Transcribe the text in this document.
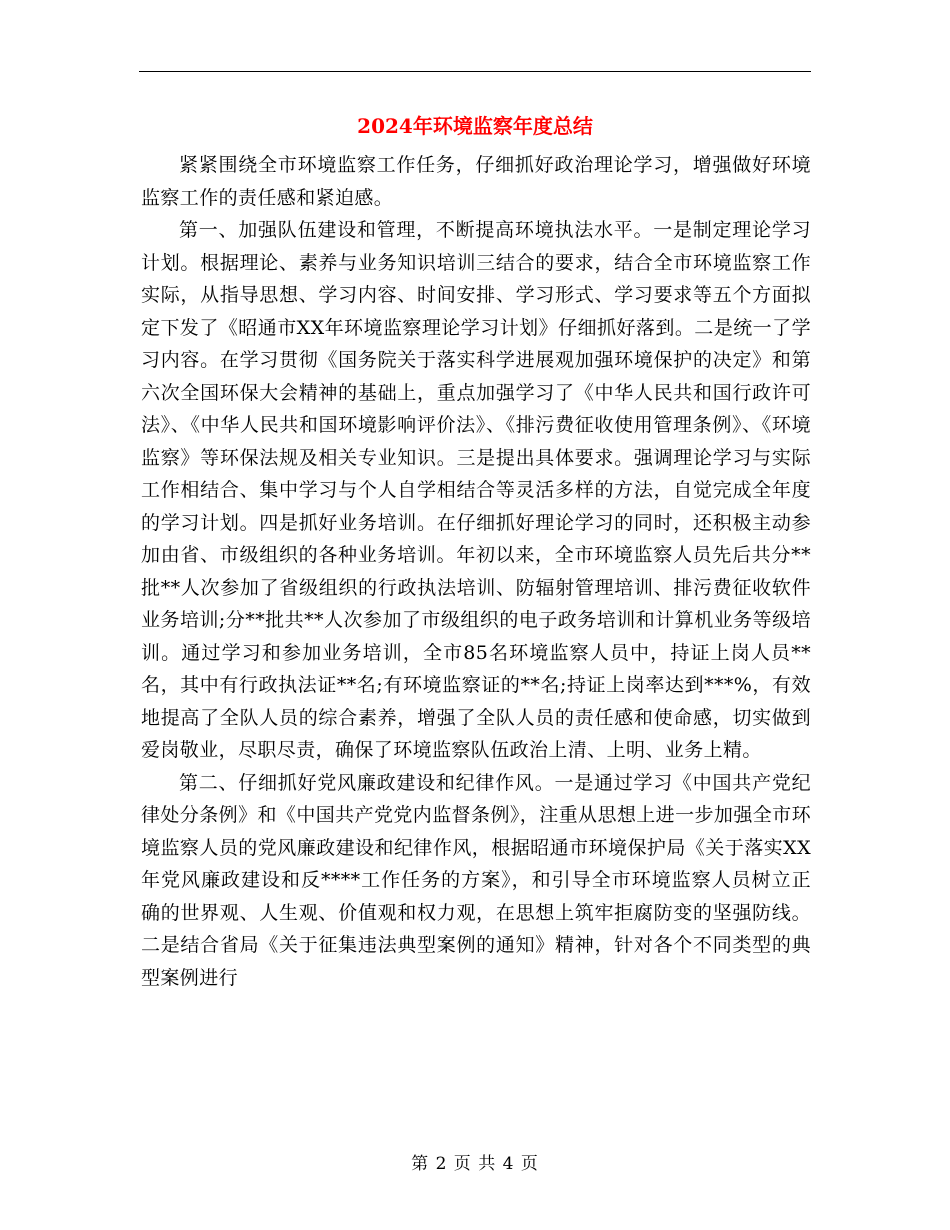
2024年环境监察年度总结

紧紧围绕全市环境监察工作任务，仔细抓好政治理论学习，增强做好环境监察工作的责任感和紧迫感。

第一、加强队伍建设和管理，不断提高环境执法水平。一是制定理论学习计划。根据理论、素养与业务知识培训三结合的要求，结合全市环境监察工作实际，从指导思想、学习内容、时间安排、学习形式、学习要求等五个方面拟定下发了《昭通市XX年环境监察理论学习计划》仔细抓好落到。二是统一了学习内容。在学习贯彻《国务院关于落实科学进展观加强环境保护的决定》和第六次全国环保大会精神的基础上，重点加强学习了《中华人民共和国行政许可法》、《中华人民共和国环境影响评价法》、《排污费征收使用管理条例》、《环境监察》等环保法规及相关专业知识。三是提出具体要求。强调理论学习与实际工作相结合、集中学习与个人自学相结合等灵活多样的方法，自觉完成全年度的学习计划。四是抓好业务培训。在仔细抓好理论学习的同时，还积极主动参加由省、市级组织的各种业务培训。年初以来，全市环境监察人员先后共分**批**人次参加了省级组织的行政执法培训、防辐射管理培训、排污费征收软件业务培训;分**批共**人次参加了市级组织的电子政务培训和计算机业务等级培训。通过学习和参加业务培训，全市85名环境监察人员中，持证上岗人员**名，其中有行政执法证**名;有环境监察证的**名;持证上岗率达到***%，有效地提高了全队人员的综合素养，增强了全队人员的责任感和使命感，切实做到爱岗敬业，尽职尽责，确保了环境监察队伍政治上清、上明、业务上精。

第二、仔细抓好党风廉政建设和纪律作风。一是通过学习《中国共产党纪律处分条例》和《中国共产党党内监督条例》，注重从思想上进一步加强全市环境监察人员的党风廉政建设和纪律作风，根据昭通市环境保护局《关于落实XX年党风廉政建设和反****工作任务的方案》，和引导全市环境监察人员树立正确的世界观、人生观、价值观和权力观，在思想上筑牢拒腐防变的坚强防线。二是结合省局《关于征集违法典型案例的通知》精神，针对各个不同类型的典型案例进行

第 2 页 共 4 页
